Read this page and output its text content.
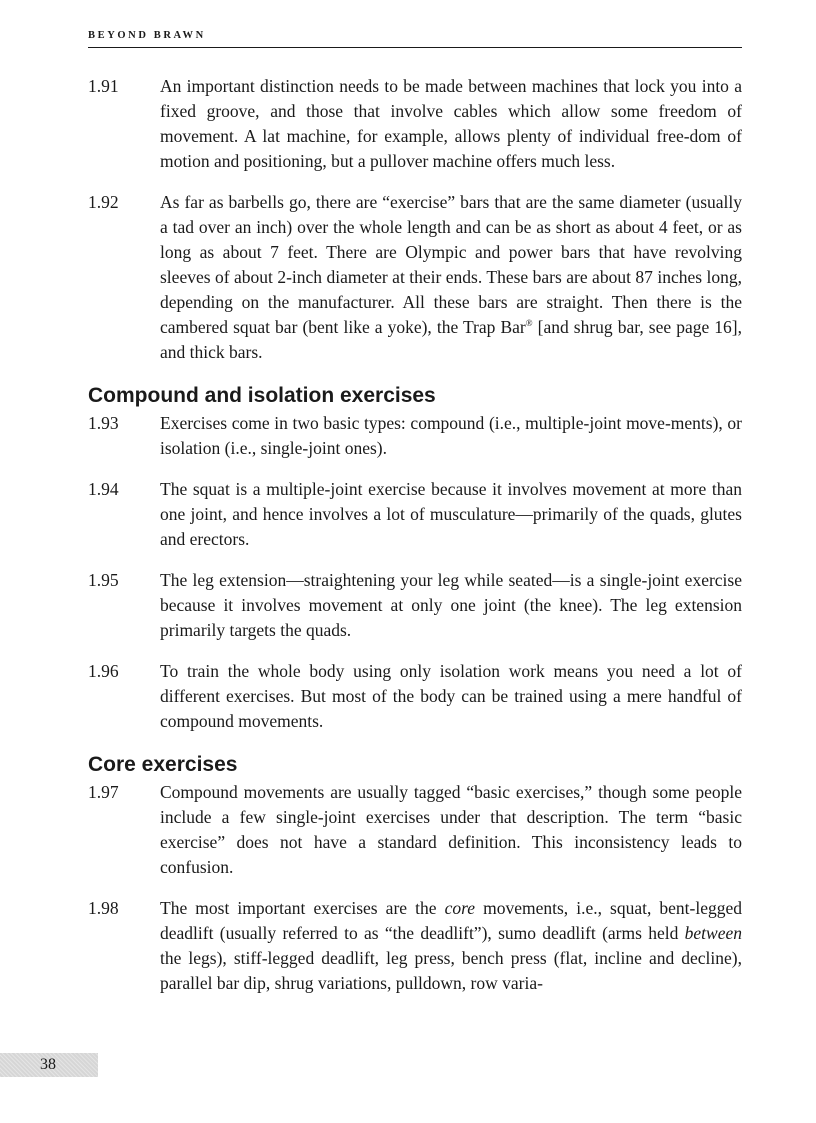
BEYOND BRAWN
1.91	An important distinction needs to be made between machines that lock you into a fixed groove, and those that involve cables which allow some freedom of movement. A lat machine, for example, allows plenty of individual free-dom of motion and positioning, but a pullover machine offers much less.
1.92	As far as barbells go, there are “exercise” bars that are the same diameter (usually a tad over an inch) over the whole length and can be as short as about 4 feet, or as long as about 7 feet. There are Olympic and power bars that have revolving sleeves of about 2-inch diameter at their ends. These bars are about 87 inches long, depending on the manufacturer. All these bars are straight. Then there is the cambered squat bar (bent like a yoke), the Trap Bar® [and shrug bar, see page 16], and thick bars.
Compound and isolation exercises
1.93	Exercises come in two basic types: compound (i.e., multiple-joint move-ments), or isolation (i.e., single-joint ones).
1.94	The squat is a multiple-joint exercise because it involves movement at more than one joint, and hence involves a lot of musculature—primarily of the quads, glutes and erectors.
1.95	The leg extension—straightening your leg while seated—is a single-joint exercise because it involves movement at only one joint (the knee). The leg extension primarily targets the quads.
1.96	To train the whole body using only isolation work means you need a lot of different exercises. But most of the body can be trained using a mere handful of compound movements.
Core exercises
1.97	Compound movements are usually tagged “basic exercises,” though some people include a few single-joint exercises under that description. The term “basic exercise” does not have a standard definition. This inconsistency leads to confusion.
1.98	The most important exercises are the core movements, i.e., squat, bent-legged deadlift (usually referred to as “the deadlift”), sumo deadlift (arms held between the legs), stiff-legged deadlift, leg press, bench press (flat, incline and decline), parallel bar dip, shrug variations, pulldown, row varia-
38
